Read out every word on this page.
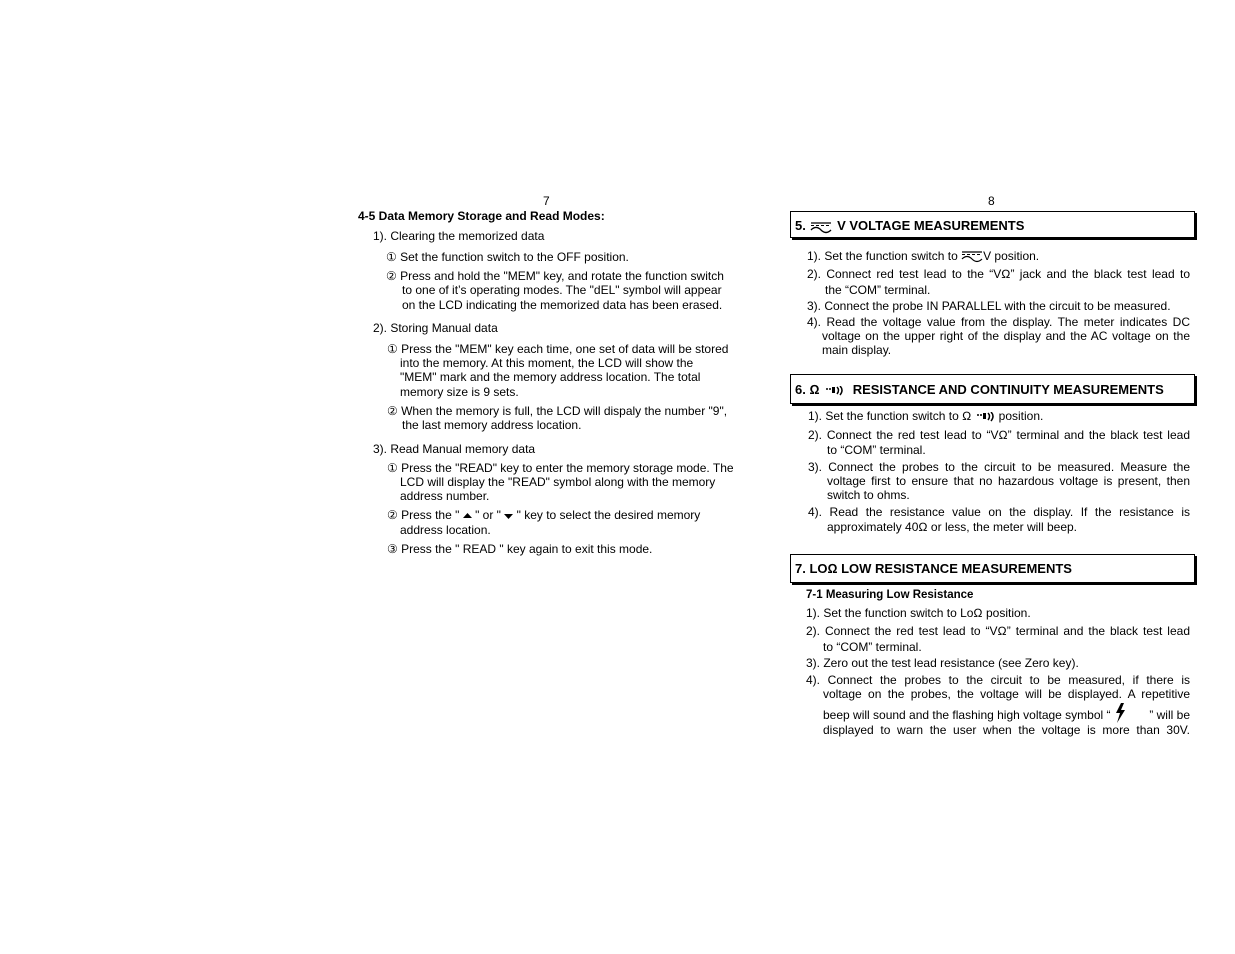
7
4-5 Data Memory Storage and Read Modes:
1). Clearing the memorized data
① Set the function switch to the OFF position.
② Press and hold the "MEM" key, and rotate the function switch
to one of it’s operating modes. The "dEL" symbol will appear
on the LCD indicating the memorized data has been erased.
2). Storing Manual data
① Press the "MEM" key each time, one set of data will be stored
into the memory. At this moment, the LCD will show the
"MEM" mark and the memory address location. The total
memory size is 9 sets.
② When the memory is full, the LCD will dispaly the number "9",
the last memory address location.
3). Read Manual memory data
① Press the "READ" key to enter the memory storage mode. The
LCD will display the "READ" symbol along with the memory
address number.
② Press the " " or " " key to select the desired memory
address location.
③ Press the " READ " key again to exit this mode.
8
5. V VOLTAGE MEASUREMENTS
1). Set the function switch to V position.
2). Connect red test lead to the “VΩ” jack and the black test lead to
the “COM” terminal.
3). Connect the probe IN PARALLEL with the circuit to be measured.
4). Read the voltage value from the display. The meter indicates DC
voltage on the upper right of the display and the AC voltage on the
main display.
6. Ω	RESISTANCE AND CONTINUITY MEASUREMENTS
1). Set the function switch to Ω position.
2). Connect the red test lead to “VΩ” terminal and the black test lead
to “COM” terminal.
3). Connect the probes to the circuit to be measured. Measure the
voltage first to ensure that no hazardous voltage is present, then
switch to ohms.
4). Read the resistance value on the display. If the resistance is
approximately 40Ω or less, the meter will beep.
7. LOΩ LOW RESISTANCE MEASUREMENTS
7-1 Measuring Low Resistance
1). Set the function switch to LoΩ position.
2). Connect the red test lead to “VΩ” terminal and the black test lead
to “COM” terminal.
3). Zero out the test lead resistance (see Zero key).
4). Connect the probes to the circuit to be measured, if there is
voltage on the probes, the voltage will be displayed. A repetitive
beep will sound and the flashing high voltage symbol “	” will be
displayed to warn the user when the voltage is more than 30V.
